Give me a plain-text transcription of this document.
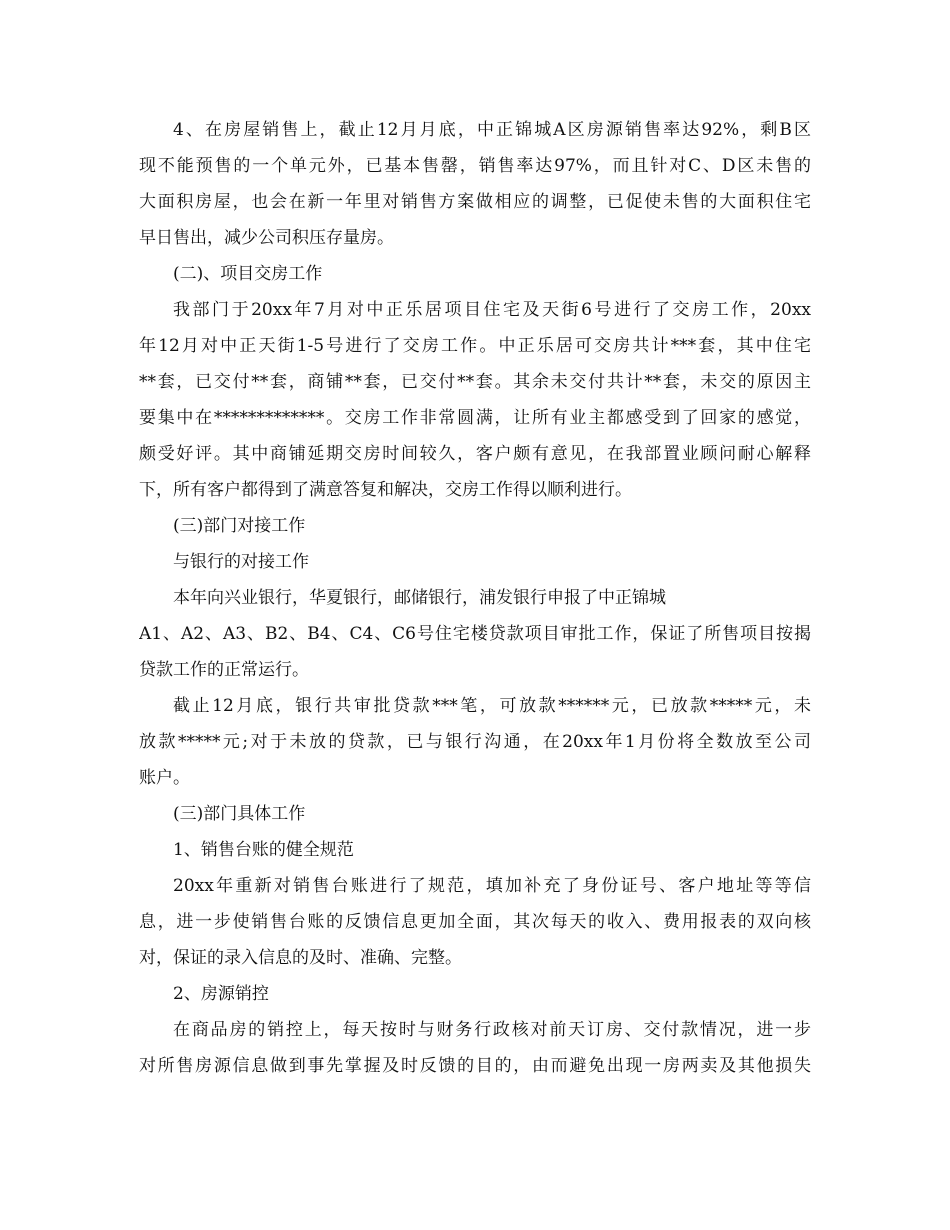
4、在房屋销售上，截止12月月底，中正锦城A区房源销售率达92%，剩B区
现不能预售的一个单元外，已基本售罄，销售率达97%，而且针对C、D区未售的
大面积房屋，也会在新一年里对销售方案做相应的调整，已促使未售的大面积住宅
早日售出，减少公司积压存量房。
(二)、项目交房工作
我部门于20xx年7月对中正乐居项目住宅及天街6号进行了交房工作，20xx
年12月对中正天街1-5号进行了交房工作。中正乐居可交房共计***套，其中住宅
**套，已交付**套，商铺**套，已交付**套。其余未交付共计**套，未交的原因主
要集中在*************。交房工作非常圆满，让所有业主都感受到了回家的感觉，
颇受好评。其中商铺延期交房时间较久，客户颇有意见，在我部置业顾问耐心解释
下，所有客户都得到了满意答复和解决，交房工作得以顺利进行。
(三)部门对接工作
与银行的对接工作
本年向兴业银行，华夏银行，邮储银行，浦发银行申报了中正锦城
A1、A2、A3、B2、B4、C4、C6号住宅楼贷款项目审批工作，保证了所售项目按揭
贷款工作的正常运行。
截止12月底，银行共审批贷款***笔，可放款******元，已放款*****元，未
放款*****元;对于未放的贷款，已与银行沟通，在20xx年1月份将全数放至公司
账户。
(三)部门具体工作
1、销售台账的健全规范
20xx年重新对销售台账进行了规范，填加补充了身份证号、客户地址等等信
息，进一步使销售台账的反馈信息更加全面，其次每天的收入、费用报表的双向核
对，保证的录入信息的及时、准确、完整。
2、房源销控
在商品房的销控上，每天按时与财务行政核对前天订房、交付款情况，进一步
对所售房源信息做到事先掌握及时反馈的目的，由而避免出现一房两卖及其他损失
